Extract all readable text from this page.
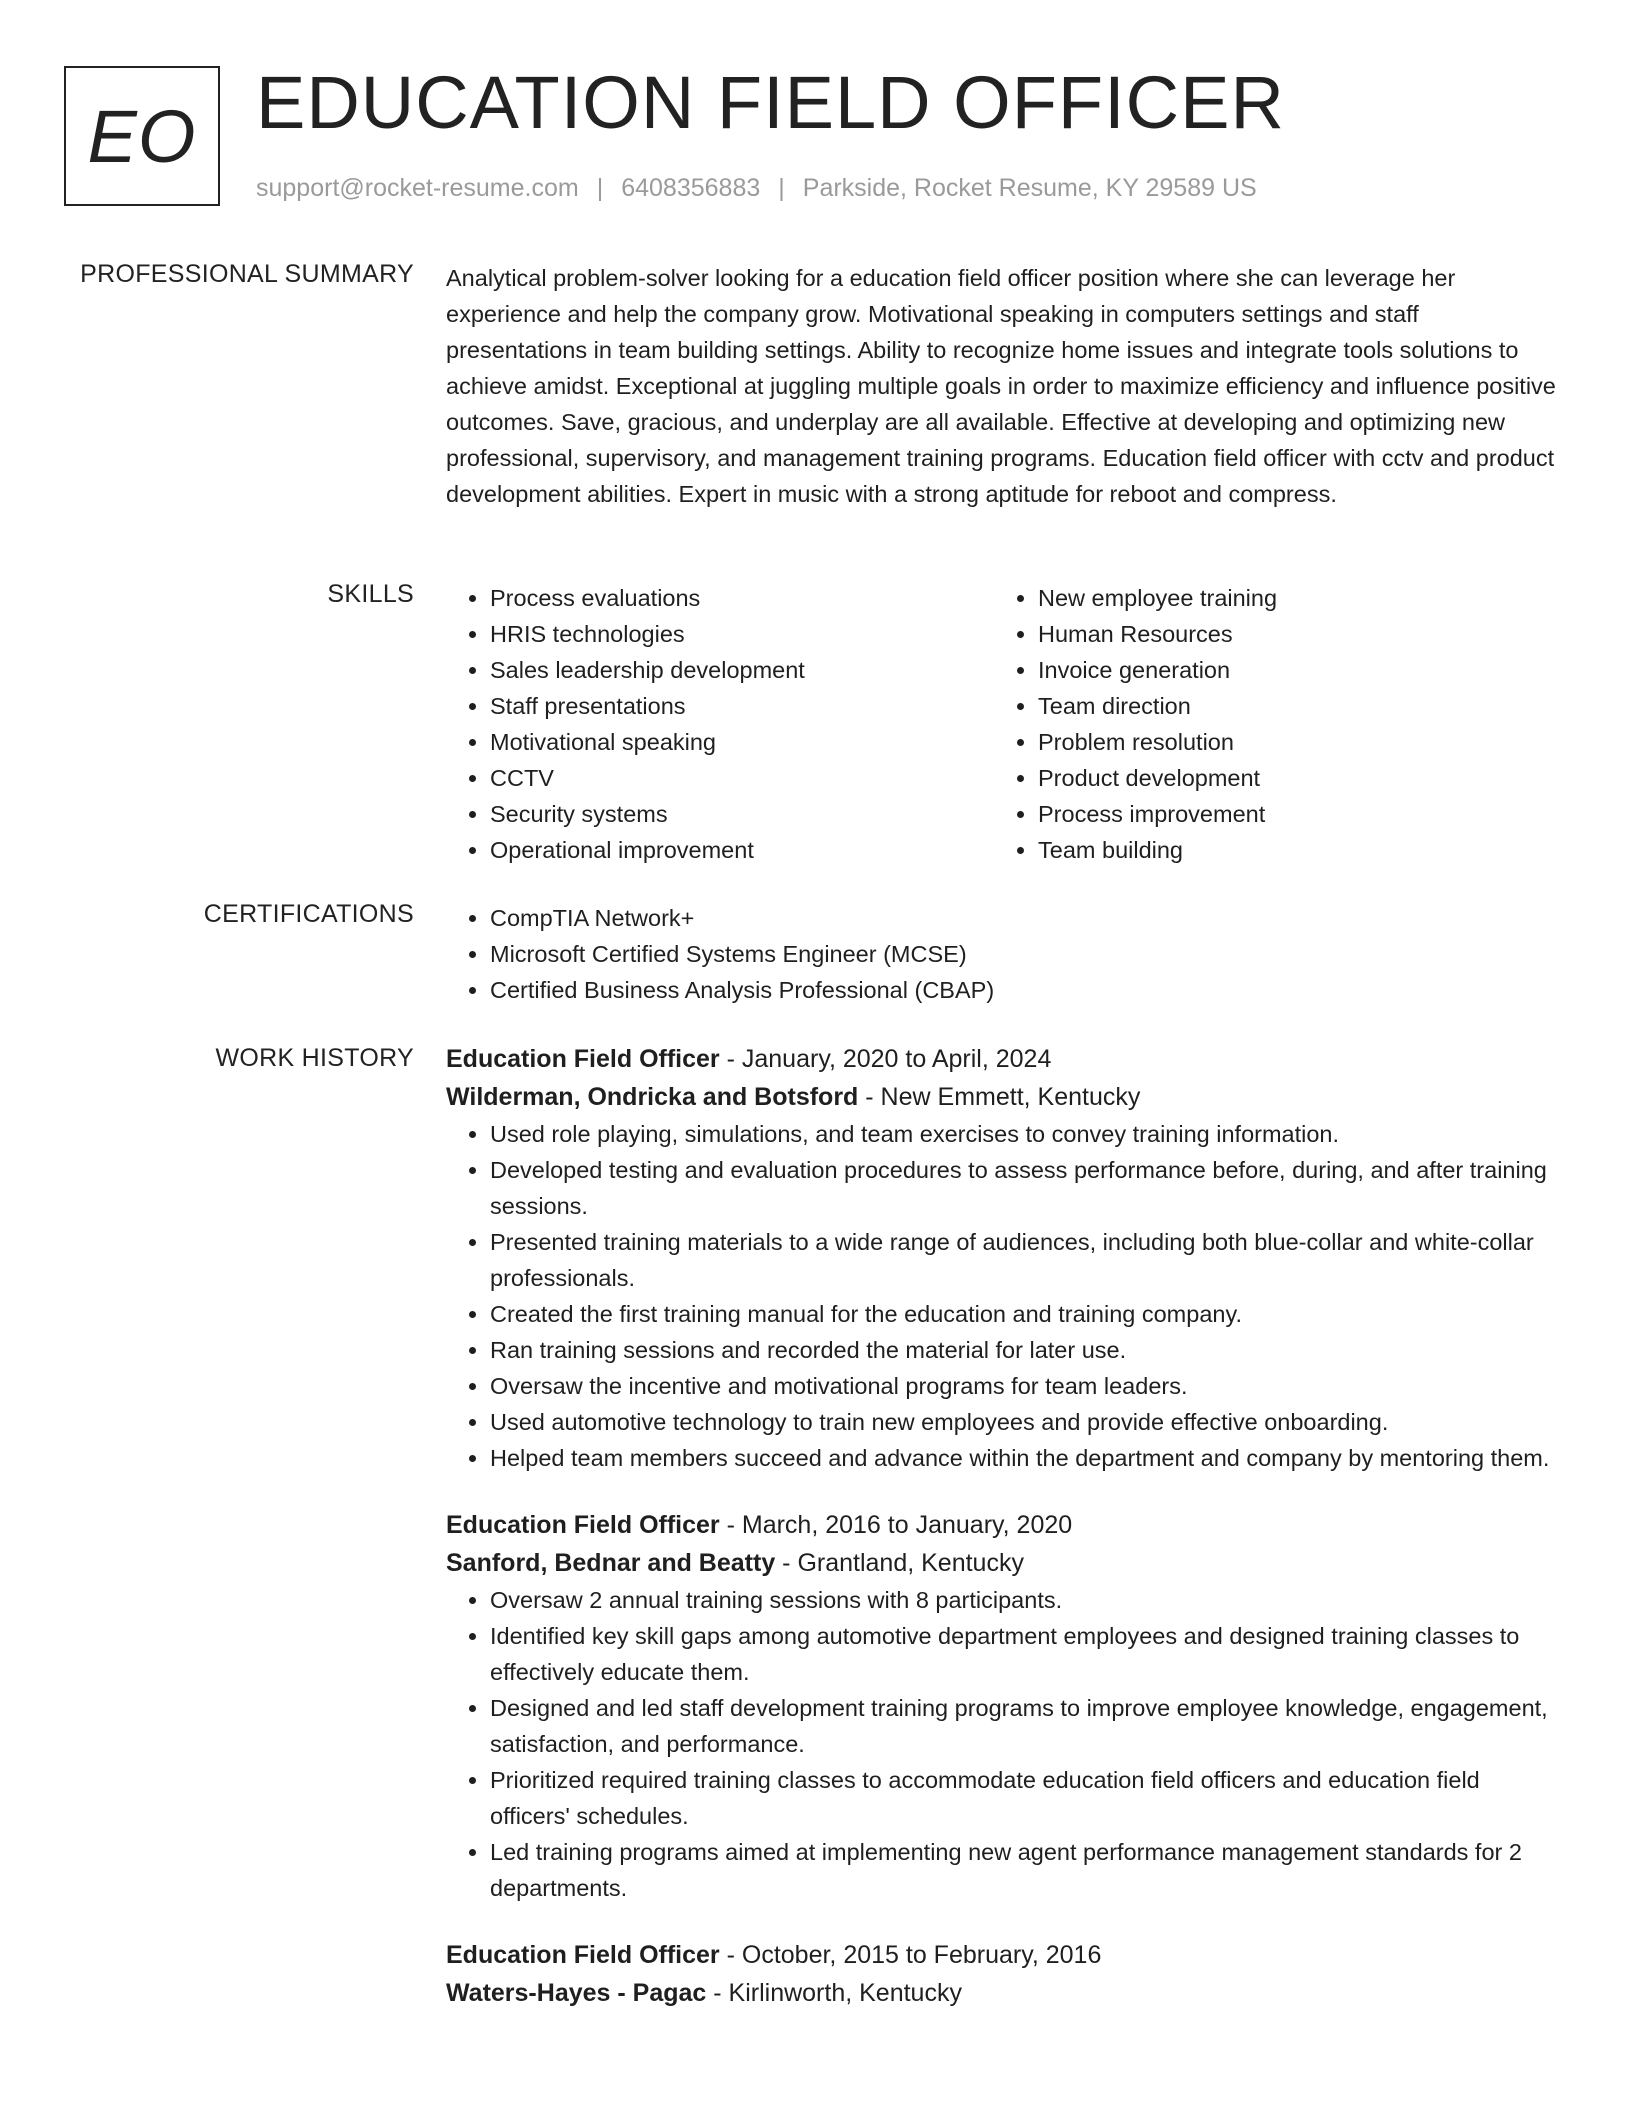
EO EDUCATION FIELD OFFICER
support@rocket-resume.com | 6408356883 | Parkside, Rocket Resume, KY 29589 US
PROFESSIONAL SUMMARY Analytical problem-solver looking for a education field officer position where she can leverage her experience and help the company grow. Motivational speaking in computers settings and staff presentations in team building settings. Ability to recognize home issues and integrate tools solutions to achieve amidst. Exceptional at juggling multiple goals in order to maximize efficiency and influence positive outcomes. Save, gracious, and underplay are all available. Effective at developing and optimizing new professional, supervisory, and management training programs. Education field officer with cctv and product development abilities. Expert in music with a strong aptitude for reboot and compress.

SKILLS	• Process evaluations
• HRIS technologies
• Sales leadership development
• Staff presentations
• Motivational speaking
• CCTV
• Security systems
• Operational improvement
• New employee training
• Human Resources
• Invoice generation
• Team direction
• Problem resolution
• Product development
• Process improvement
• Team building
CERTIFICATIONS	• CompTIA Network+
• Microsoft Certified Systems Engineer (MCSE)
• Certified Business Analysis Professional (CBAP)
WORK HISTORY Education Field Officer - January, 2020 to April, 2024
Wilderman, Ondricka and Botsford - New Emmett, Kentucky
• Used role playing, simulations, and team exercises to convey training information.
• Developed testing and evaluation procedures to assess performance before, during, and after training sessions.
• Presented training materials to a wide range of audiences, including both blue-collar and white-collar professionals.
• Created the first training manual for the education and training company.
• Ran training sessions and recorded the material for later use.
• Oversaw the incentive and motivational programs for team leaders.
• Used automotive technology to train new employees and provide effective onboarding.
• Helped team members succeed and advance within the department and company by mentoring them.
Education Field Officer - March, 2016 to January, 2020
Sanford, Bednar and Beatty - Grantland, Kentucky
• Oversaw 2 annual training sessions with 8 participants.
• Identified key skill gaps among automotive department employees and designed training classes to effectively educate them.
• Designed and led staff development training programs to improve employee knowledge, engagement, satisfaction, and performance.
• Prioritized required training classes to accommodate education field officers and education field officers' schedules.
• Led training programs aimed at implementing new agent performance management standards for 2 departments.
Education Field Officer - October, 2015 to February, 2016
Waters-Hayes - Pagac - Kirlinworth, Kentucky
